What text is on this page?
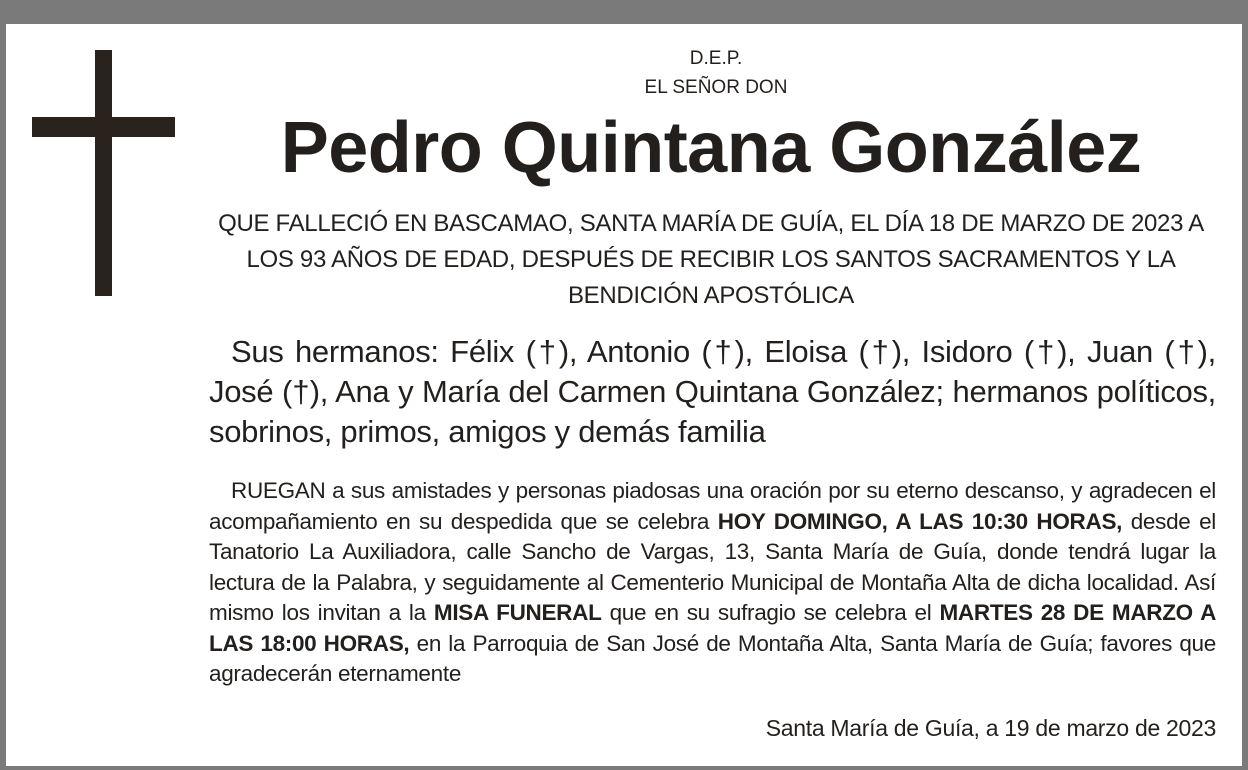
D.E.P.
EL SEÑOR DON
Pedro Quintana González
QUE FALLECIÓ EN BASCAMAO, SANTA MARÍA DE GUÍA, EL DÍA 18 DE MARZO DE 2023 A LOS 93 AÑOS DE EDAD, DESPUÉS DE RECIBIR LOS SANTOS SACRAMENTOS Y LA BENDICIÓN APOSTÓLICA
Sus hermanos: Félix (†), Antonio (†), Eloisa (†), Isidoro (†), Juan (†), José (†), Ana y María del Carmen Quintana González; hermanos políticos, sobrinos, primos, amigos y demás familia
RUEGAN a sus amistades y personas piadosas una oración por su eterno descanso, y agradecen el acompañamiento en su despedida que se celebra HOY DOMINGO, A LAS 10:30 HORAS, desde el Tanatorio La Auxiliadora, calle Sancho de Vargas, 13, Santa María de Guía, donde tendrá lugar la lectura de la Palabra, y seguidamente al Cementerio Municipal de Montaña Alta de dicha localidad. Así mismo los invitan a la MISA FUNERAL que en su sufragio se celebra el MARTES 28 DE MARZO A LAS 18:00 HORAS, en la Parroquia de San José de Montaña Alta, Santa María de Guía; favores que agradecerán eternamente
Santa María de Guía, a 19 de marzo de 2023
